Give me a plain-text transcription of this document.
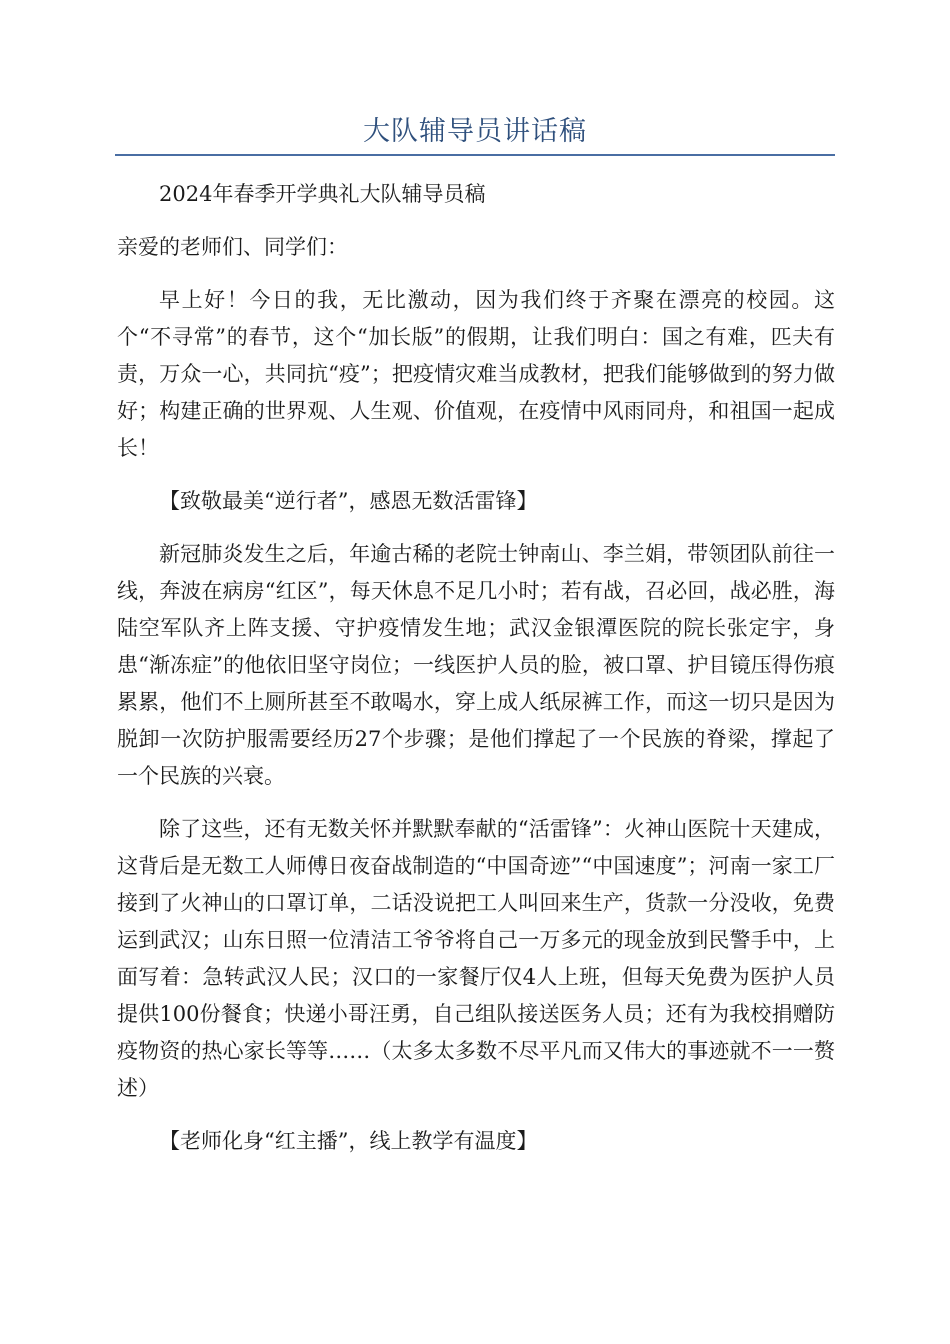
大队辅导员讲话稿

2024年春季开学典礼大队辅导员稿

亲爱的老师们、同学们：

早上好！今日的我，无比激动，因为我们终于齐聚在漂亮的校园。这个“不寻常”的春节，这个“加长版”的假期，让我们明白：国之有难，匹夫有责，万众一心，共同抗“疫”；把疫情灾难当成教材，把我们能够做到的努力做好；构建正确的世界观、人生观、价值观，在疫情中风雨同舟，和祖国一起成长！

【致敬最美“逆行者”，感恩无数活雷锋】

新冠肺炎发生之后，年逾古稀的老院士钟南山、李兰娟，带领团队前往一线，奔波在病房“红区”，每天休息不足几小时；若有战，召必回，战必胜，海陆空军队齐上阵支援、守护疫情发生地；武汉金银潭医院的院长张定宇，身患“渐冻症”的他依旧坚守岗位；一线医护人员的脸，被口罩、护目镜压得伤痕累累，他们不上厕所甚至不敢喝水，穿上成人纸尿裤工作，而这一切只是因为脱卸一次防护服需要经历27个步骤；是他们撑起了一个民族的脊梁，撑起了一个民族的兴衰。

除了这些，还有无数关怀并默默奉献的“活雷锋”：火神山医院十天建成，这背后是无数工人师傅日夜奋战制造的“中国奇迹”“中国速度”；河南一家工厂接到了火神山的口罩订单，二话没说把工人叫回来生产，货款一分没收，免费运到武汉；山东日照一位清洁工爷爷将自己一万多元的现金放到民警手中，上面写着：急转武汉人民；汉口的一家餐厅仅4人上班，但每天免费为医护人员提供100份餐食；快递小哥汪勇，自己组队接送医务人员；还有为我校捐赠防疫物资的热心家长等等……（太多太多数不尽平凡而又伟大的事迹就不一一赘述）

【老师化身“红主播”，线上教学有温度】
